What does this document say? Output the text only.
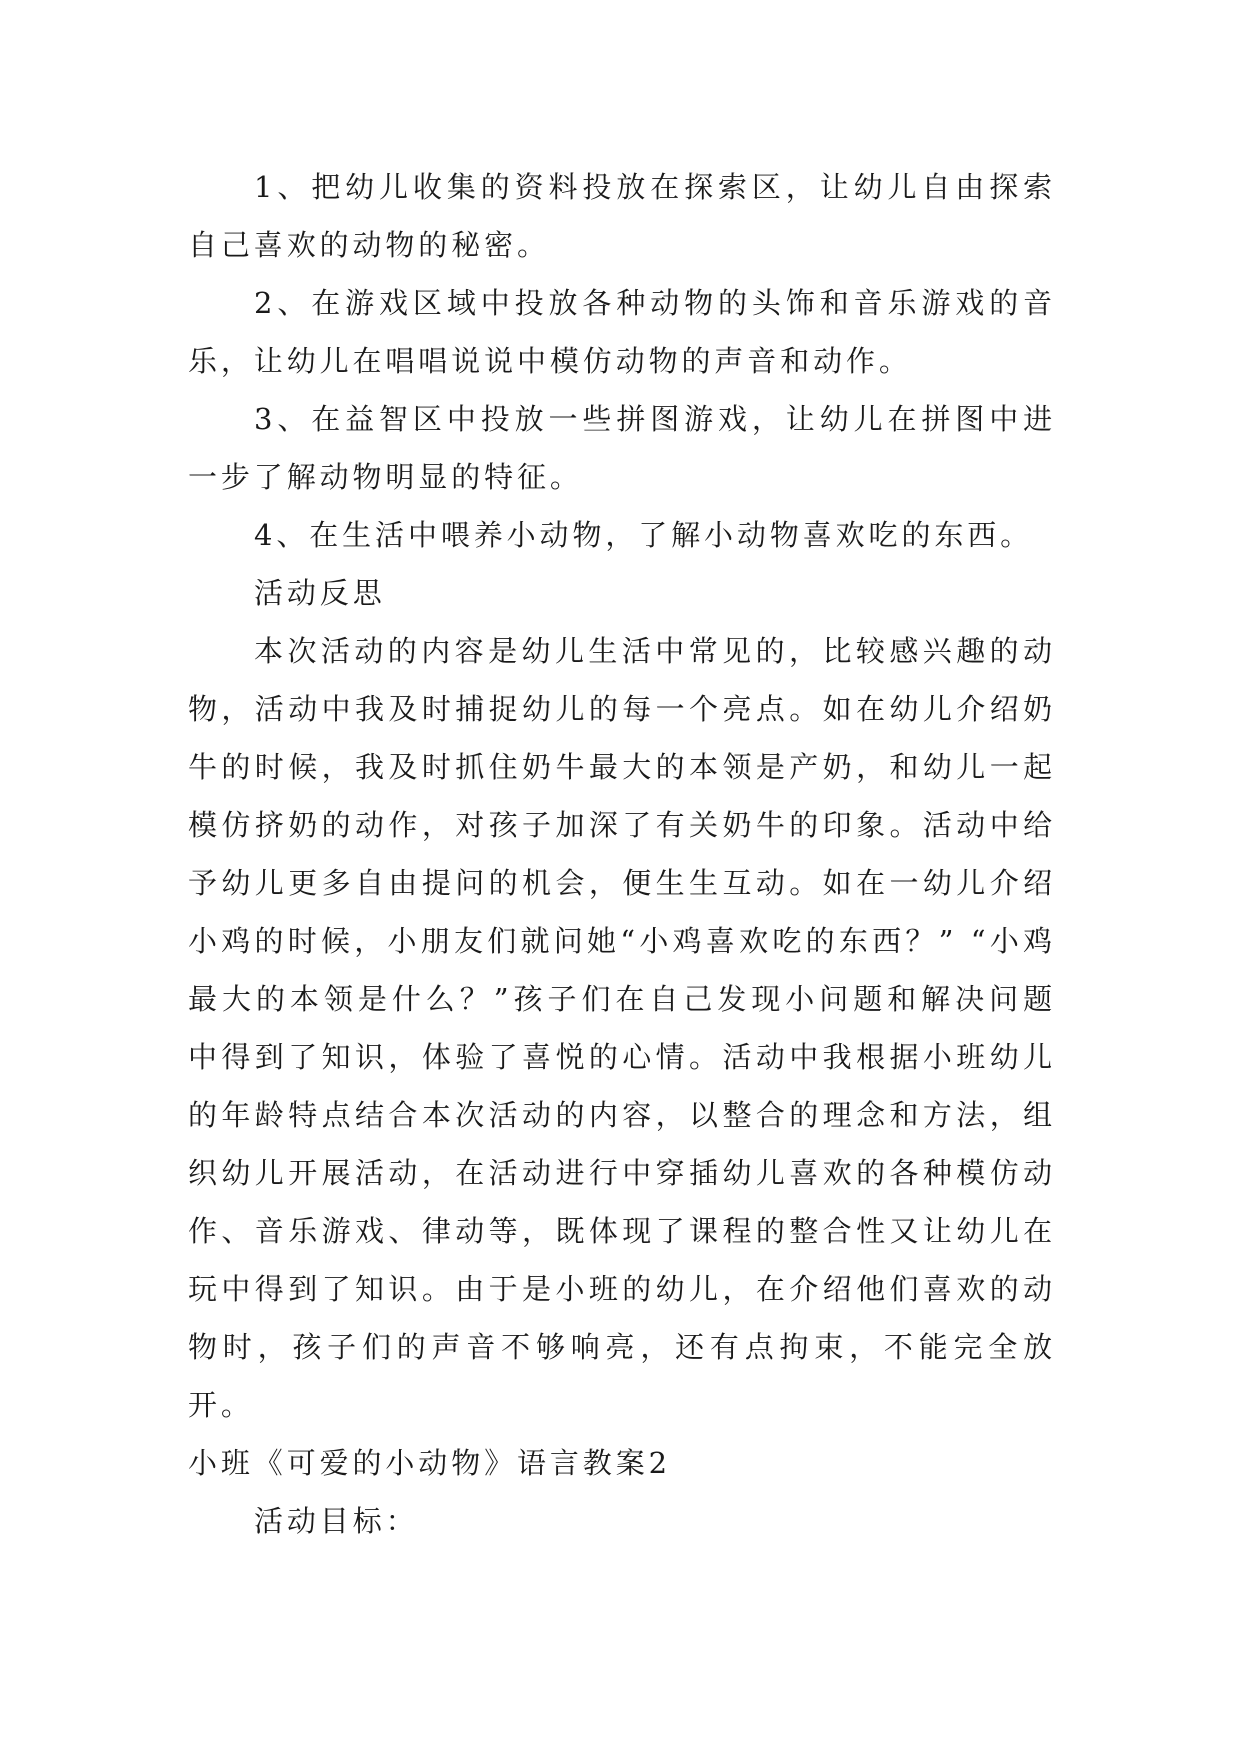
1、把幼儿收集的资料投放在探索区，让幼儿自由探索自己喜欢的动物的秘密。

2、在游戏区域中投放各种动物的头饰和音乐游戏的音乐，让幼儿在唱唱说说中模仿动物的声音和动作。

3、在益智区中投放一些拼图游戏，让幼儿在拼图中进一步了解动物明显的特征。

4、在生活中喂养小动物，了解小动物喜欢吃的东西。

活动反思

本次活动的内容是幼儿生活中常见的，比较感兴趣的动物，活动中我及时捕捉幼儿的每一个亮点。如在幼儿介绍奶牛的时候，我及时抓住奶牛最大的本领是产奶，和幼儿一起模仿挤奶的动作，对孩子加深了有关奶牛的印象。活动中给予幼儿更多自由提问的机会，便生生互动。如在一幼儿介绍小鸡的时候，小朋友们就问她“小鸡喜欢吃的东西？” “小鸡最大的本领是什么？”孩子们在自己发现小问题和解决问题中得到了知识，体验了喜悦的心情。活动中我根据小班幼儿的年龄特点结合本次活动的内容，以整合的理念和方法，组织幼儿开展活动，在活动进行中穿插幼儿喜欢的各种模仿动作、音乐游戏、律动等，既体现了课程的整合性又让幼儿在玩中得到了知识。由于是小班的幼儿，在介绍他们喜欢的动物时，孩子们的声音不够响亮，还有点拘束，不能完全放开。

小班《可爱的小动物》语言教案2

活动目标：
